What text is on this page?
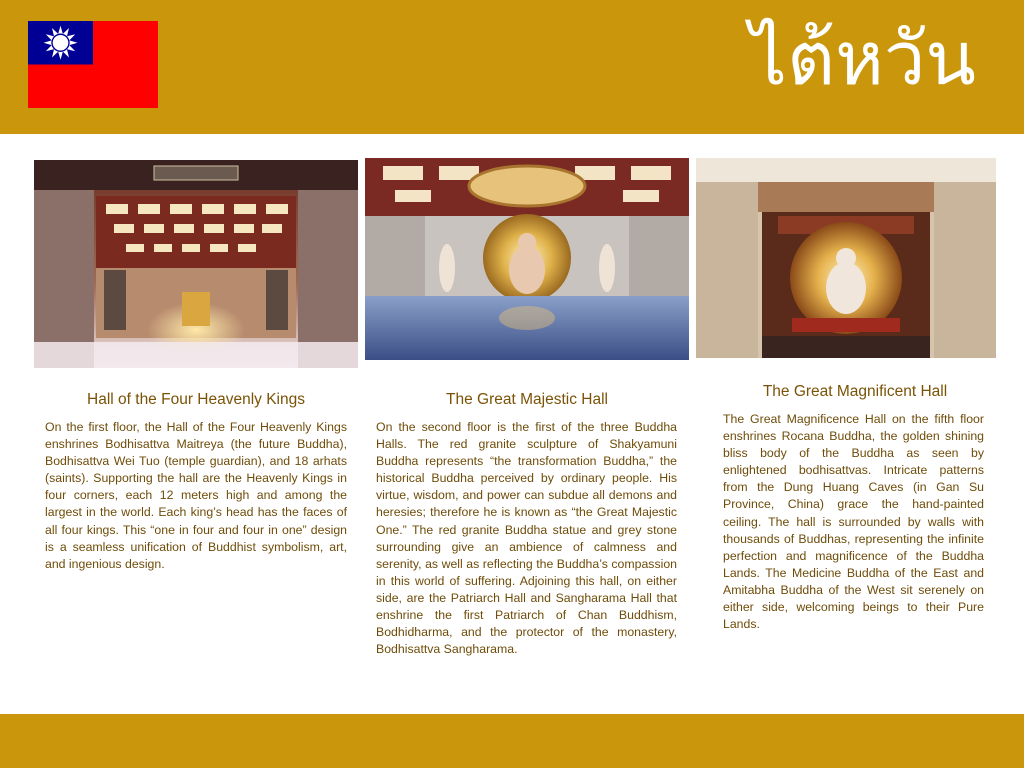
ไต้หวัน
Hall of the Four Heavenly Kings	The Great Majestic Hall	The Great Magnificent Hall

On the first floor, the Hall of the Four Heavenly Kings enshrines Bodhisattva Maitreya (the future Buddha), Bodhisattva Wei Tuo (temple guardian), and 18 arhats (saints). Supporting the hall are the Heavenly Kings in four corners, each 12 meters high and among the largest in the world. Each king’s head has the faces of all four kings. This “one in four and four in one” design is a seamless unification of Buddhist symbolism, art, and ingenious design.

On the second floor is the first of the three Buddha Halls. The red granite sculpture of Shakyamuni Buddha represents “the transformation Buddha,” the historical Buddha perceived by ordinary people. His virtue, wisdom, and power can subdue all demons and heresies; therefore he is known as “the Great Majestic One.” The red granite Buddha statue and grey stone surrounding give an ambience of calmness and serenity, as well as reflecting the Buddha’s compassion in this world of suffering. Adjoining this hall, on either side, are the Patriarch Hall and Sangharama Hall that enshrine the first Patriarch of Chan Buddhism, Bodhidharma, and the protector of the monastery, Bodhisattva Sangharama.

The Great Magnificence Hall on the fifth floor enshrines Rocana Buddha, the golden shining bliss body of the Buddha as seen by enlightened bodhisattvas. Intricate patterns from the Dung Huang Caves (in Gan Su Province, China) grace the hand-painted ceiling. The hall is surrounded by walls with thousands of Buddhas, representing the infinite perfection and magnificence of the Buddha Lands. The Medicine Buddha of the East and Amitabha Buddha of the West sit serenely on either side, welcoming beings to their Pure Lands.
